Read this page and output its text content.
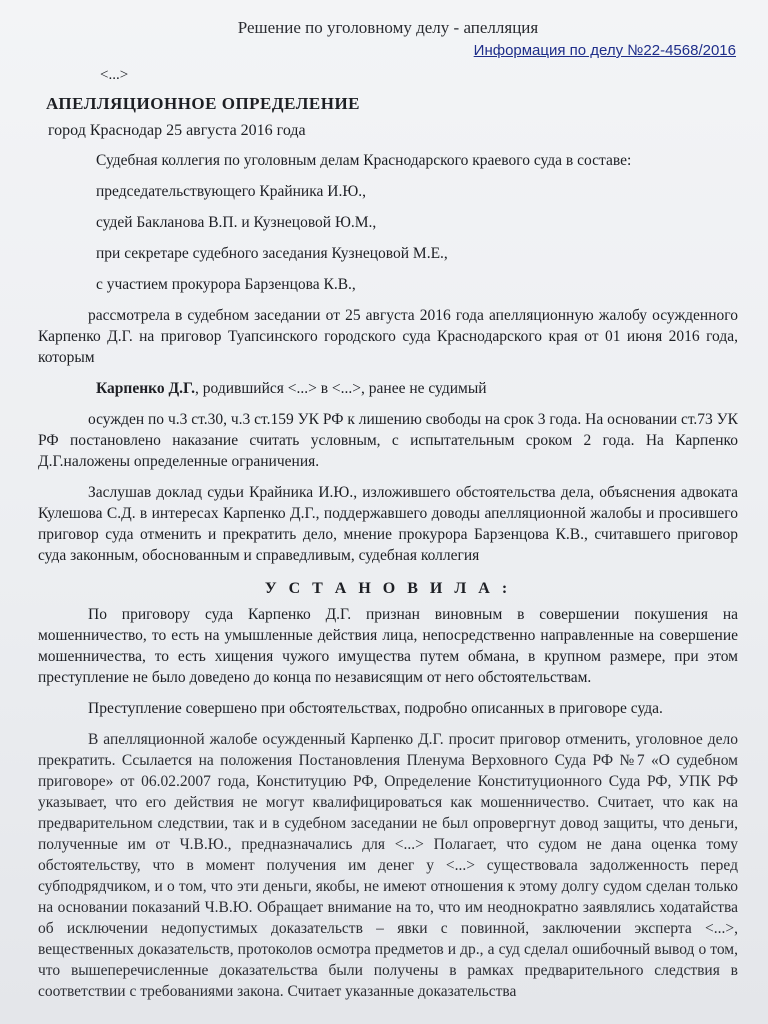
Решение по уголовному делу - апелляция
Информация по делу №22-4568/2016
<...>
АПЕЛЛЯЦИОННОЕ ОПРЕДЕЛЕНИЕ
город Краснодар 25 августа 2016 года

Судебная коллегия по уголовным делам Краснодарского краевого суда в составе:

председательствующего Крайника И.Ю.,

судей Бакланова В.П. и Кузнецовой Ю.М.,

при секретаре судебного заседания Кузнецовой М.Е.,

с участием прокурора Барзенцова К.В.,

рассмотрела в судебном заседании от 25 августа 2016 года апелляционную жалобу осужденного Карпенко Д.Г. на приговор Туапсинского городского суда Краснодарского края от 01 июня 2016 года, которым

Карпенко Д.Г., родившийся <...> в <...>, ранее не судимый

осужден по ч.3 ст.30, ч.3 ст.159 УК РФ к лишению свободы на срок 3 года. На основании ст.73 УК РФ постановлено наказание считать условным, с испытательным сроком 2 года. На Карпенко Д.Г.наложены определенные ограничения.

Заслушав доклад судьи Крайника И.Ю., изложившего обстоятельства дела, объяснения адвоката Кулешова С.Д. в интересах Карпенко Д.Г., поддержавшего доводы апелляционной жалобы и просившего приговор суда отменить и прекратить дело, мнение прокурора Барзенцова К.В., считавшего приговор суда законным, обоснованным и справедливым, судебная коллегия

У С Т А Н О В И Л А :

По приговору суда Карпенко Д.Г. признан виновным в совершении покушения на мошенничество, то есть на умышленные действия лица, непосредственно направленные на совершение мошенничества, то есть хищения чужого имущества путем обмана, в крупном размере, при этом преступление не было доведено до конца по независящим от него обстоятельствам.

Преступление совершено при обстоятельствах, подробно описанных в приговоре суда.

В апелляционной жалобе осужденный Карпенко Д.Г. просит приговор отменить, уголовное дело прекратить. Ссылается на положения Постановления Пленума Верховного Суда РФ №7 «О судебном приговоре» от 06.02.2007 года, Конституцию РФ, Определение Конституционного Суда РФ, УПК РФ указывает, что его действия не могут квалифицироваться как мошенничество. Считает, что как на предварительном следствии, так и в судебном заседании не был опровергнут довод защиты, что деньги, полученные им от Ч.В.Ю., предназначались для <...> Полагает, что судом не дана оценка тому обстоятельству, что в момент получения им денег у <...> существовала задолженность перед субподрядчиком, и о том, что эти деньги, якобы, не имеют отношения к этому долгу судом сделан только на основании показаний Ч.В.Ю. Обращает внимание на то, что им неоднократно заявлялись ходатайства об исключении недопустимых доказательств – явки с повинной, заключении эксперта <...>, вещественных доказательств, протоколов осмотра предметов и др., а суд сделал ошибочный вывод о том, что вышеперечисленные доказательства были получены в рамках предварительного следствия в соответствии с требованиями закона. Считает указанные доказательства
